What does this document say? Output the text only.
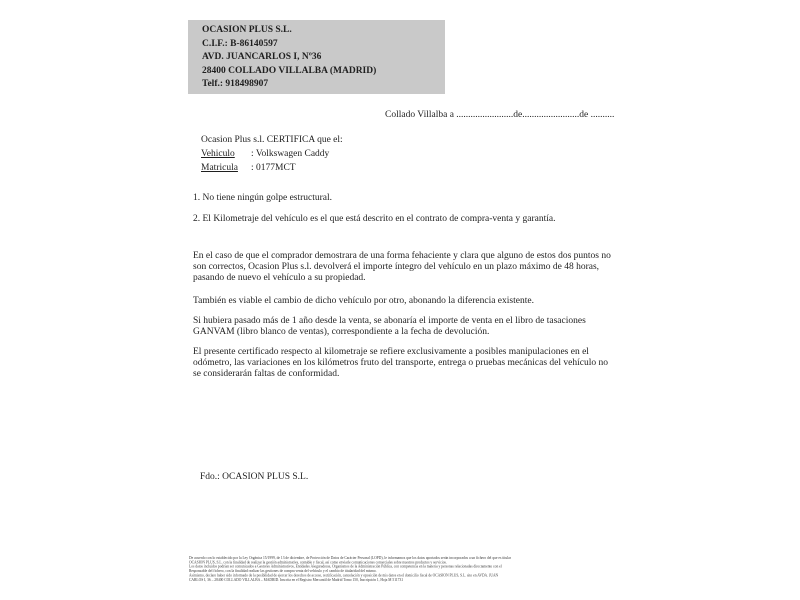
OCASION PLUS S.L.
C.I.F.: B-86140597
AVD. JUANCARLOS I, Nº36
28400 COLLADO VILLALBA (MADRID)
Telf.: 918498907
Collado Villalba a ........................de........................de ..........
Ocasion Plus s.l. CERTIFICA que el:
Vehiculo : Volkswagen Caddy
Matricula : 0177MCT
1. No tiene ningún golpe estructural.
2. El Kilometraje del vehículo es el que está descrito en el contrato de compra-venta y garantía.
En el caso de que el comprador demostrara de una forma fehaciente y clara que alguno de estos dos puntos no
son correctos, Ocasion Plus s.l. devolverá el importe íntegro del vehículo en un plazo máximo de 48 horas,
pasando de nuevo el vehículo a su propiedad.
También es viable el cambio de dicho vehículo por otro, abonando la diferencia existente.
Si hubiera pasado más de 1 año desde la venta, se abonaría el importe de venta en el libro de tasaciones
GANVAM (libro blanco de ventas), correspondiente a la fecha de devolución.
El presente certificado respecto al kilometraje se refiere exclusivamente a posibles manipulaciones en el
odómetro, las variaciones en los kilómetros fruto del transporte, entrega o pruebas mecánicas del vehículo no
se considerarán faltas de conformidad.
Fdo.: OCASION PLUS S.L.
De acuerdo con lo establecido por la Ley Orgánica 15/1999, de 13 de diciembre, de Protección de Datos de Carácter Personal (LOPD), le informamos que los datos aportados serán incorporados a un fichero del que es titular
OCASION PLUS, S.L. con la finalidad de realizar la gestión administrativa, contable y fiscal, así como enviarle comunicaciones comerciales sobre nuestros productos y servicios.
Los datos incluidos podrían ser comunicados a Gestores Administrativos, Entidades Aseguradoras, Organismos de la Administración Pública, con competencia en la materia y personas relacionadas directamente con el
Responsable del fichero, con la finalidad realizar las gestiones de compra venta del vehículo y el cambio de titularidad del mismo.
Asimismo, declaro haber sido informado de la posibilidad de ejercer los derechos de acceso, rectificación, cancelación y oposición de mis datos en el domicilio fiscal de OCASION PLUS, S.L. sito en AVDA. JUAN
CARLOS I, 36 – 28400 COLLADO VILLALBA – MADRID. Inscrita en el Registro Mercantil de Madrid Tomo 150, Inscripción 1, Hoja M 511731
